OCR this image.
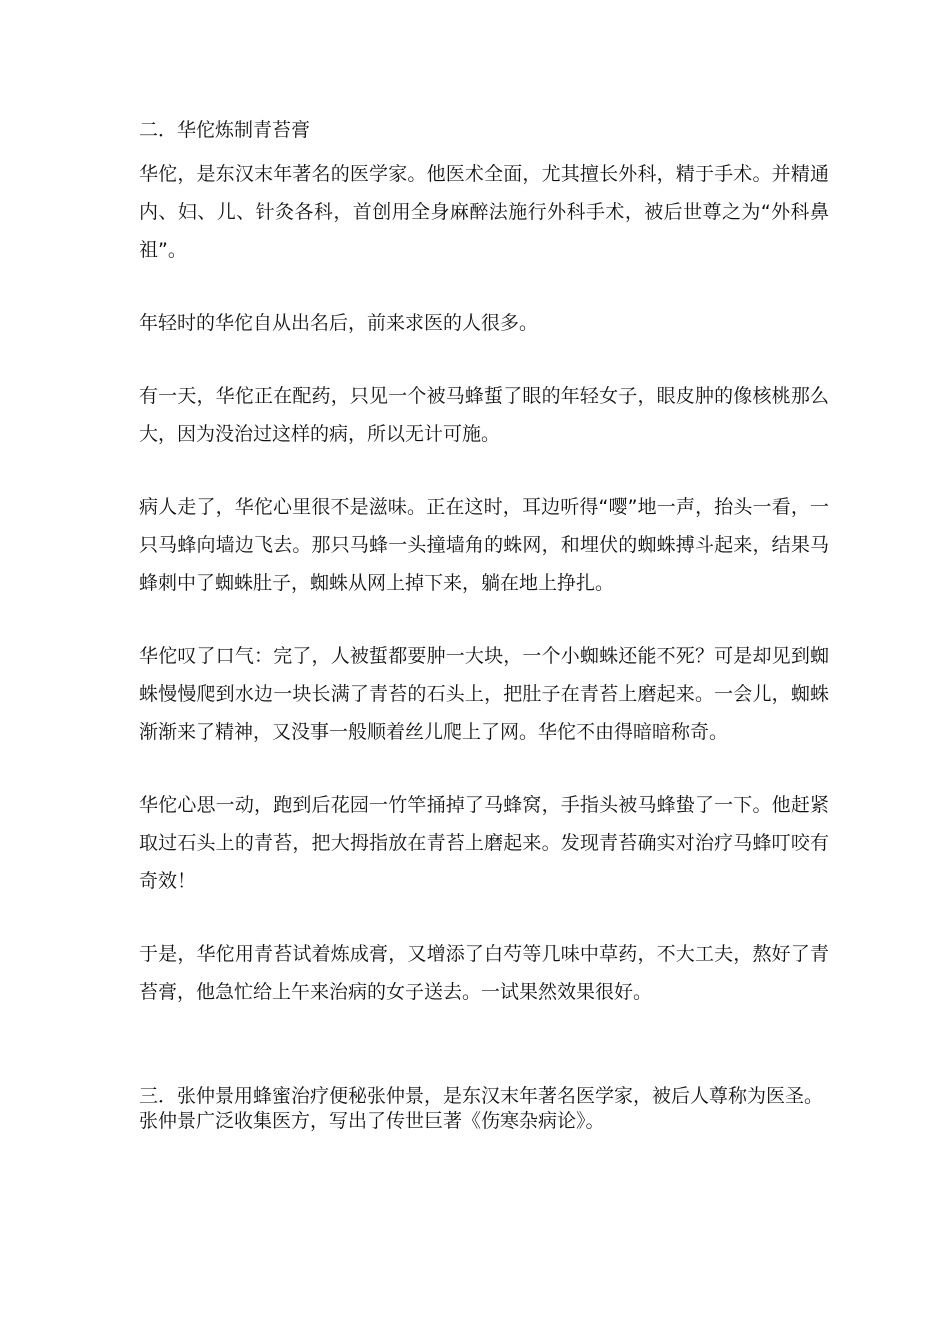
二．华佗炼制青苔膏

华佗，是东汉末年著名的医学家。他医术全面，尤其擅长外科，精于手术。并精通内、妇、儿、针灸各科，首创用全身麻醉法施行外科手术，被后世尊之为“外科鼻祖”。

年轻时的华佗自从出名后，前来求医的人很多。

有一天，华佗正在配药，只见一个被马蜂蜇了眼的年轻女子，眼皮肿的像核桃那么大，因为没治过这样的病，所以无计可施。

病人走了，华佗心里很不是滋味。正在这时，耳边听得“嘤”地一声，抬头一看，一只马蜂向墙边飞去。那只马蜂一头撞墙角的蛛网，和埋伏的蜘蛛搏斗起来，结果马蜂刺中了蜘蛛肚子，蜘蛛从网上掉下来，躺在地上挣扎。

华佗叹了口气：完了，人被蜇都要肿一大块，一个小蜘蛛还能不死？可是却见到蜘蛛慢慢爬到水边一块长满了青苔的石头上，把肚子在青苔上磨起来。一会儿，蜘蛛渐渐来了精神，又没事一般顺着丝儿爬上了网。华佗不由得暗暗称奇。

华佗心思一动，跑到后花园一竹竿捅掉了马蜂窝，手指头被马蜂蛰了一下。他赶紧取过石头上的青苔，把大拇指放在青苔上磨起来。发现青苔确实对治疗马蜂叮咬有奇效！

于是，华佗用青苔试着炼成膏，又增添了白芍等几味中草药，不大工夫，熬好了青苔膏，他急忙给上午来治病的女子送去。一试果然效果很好。

三．张仲景用蜂蜜治疗便秘张仲景，是东汉末年著名医学家，被后人尊称为医圣。

张仲景广泛收集医方，写出了传世巨著《伤寒杂病论》。
